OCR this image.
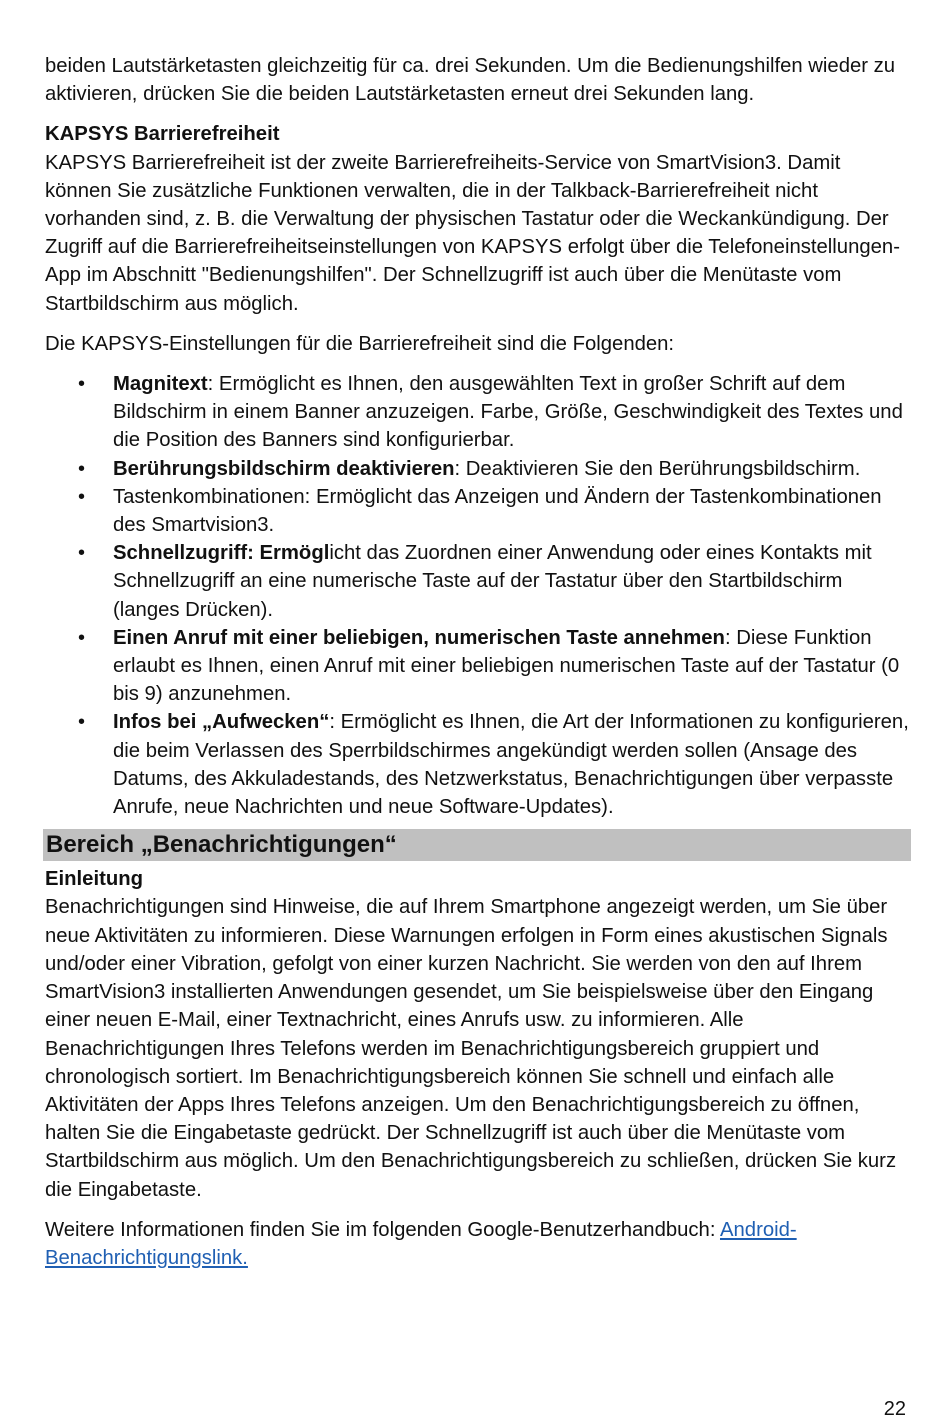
beiden Lautstärketasten gleichzeitig für ca. drei Sekunden. Um die Bedienungshilfen wieder zu aktivieren, drücken Sie die beiden Lautstärketasten erneut drei Sekunden lang.

KAPSYS Barrierefreiheit

KAPSYS Barrierefreiheit ist der zweite Barrierefreiheits-Service von SmartVision3. Damit können Sie zusätzliche Funktionen verwalten, die in der Talkback-Barrierefreiheit nicht vorhanden sind, z. B. die Verwaltung der physischen Tastatur oder die Weckankündigung. Der Zugriff auf die Barrierefreiheitseinstellungen von KAPSYS erfolgt über die Telefoneinstellungen-App im Abschnitt "Bedienungshilfen". Der Schnellzugriff ist auch über die Menütaste vom Startbildschirm aus möglich.

Die KAPSYS-Einstellungen für die Barrierefreiheit sind die Folgenden:

• Magnitext: Ermöglicht es Ihnen, den ausgewählten Text in großer Schrift auf dem Bildschirm in einem Banner anzuzeigen. Farbe, Größe, Geschwindigkeit des Textes und die Position des Banners sind konfigurierbar.
• Berührungsbildschirm deaktivieren: Deaktivieren Sie den Berührungsbildschirm.
• Tastenkombinationen: Ermöglicht das Anzeigen und Ändern der Tastenkombinationen des Smartvision3.
• Schnellzugriff: Ermöglicht das Zuordnen einer Anwendung oder eines Kontakts mit Schnellzugriff an eine numerische Taste auf der Tastatur über den Startbildschirm (langes Drücken).
• Einen Anruf mit einer beliebigen, numerischen Taste annehmen: Diese Funktion erlaubt es Ihnen, einen Anruf mit einer beliebigen numerischen Taste auf der Tastatur (0 bis 9) anzunehmen.
• Infos bei „Aufwecken“: Ermöglicht es Ihnen, die Art der Informationen zu konfigurieren, die beim Verlassen des Sperrbildschirmes angekündigt werden sollen (Ansage des Datums, des Akkuladestands, des Netzwerkstatus, Benachrichtigungen über verpasste Anrufe, neue Nachrichten und neue Software-Updates).
Bereich „Benachrichtigungen“

Einleitung

Benachrichtigungen sind Hinweise, die auf Ihrem Smartphone angezeigt werden, um Sie über neue Aktivitäten zu informieren. Diese Warnungen erfolgen in Form eines akustischen Signals und/oder einer Vibration, gefolgt von einer kurzen Nachricht. Sie werden von den auf Ihrem SmartVision3 installierten Anwendungen gesendet, um Sie beispielsweise über den Eingang einer neuen E-Mail, einer Textnachricht, eines Anrufs usw. zu informieren. Alle Benachrichtigungen Ihres Telefons werden im Benachrichtigungsbereich gruppiert und chronologisch sortiert. Im Benachrichtigungsbereich können Sie schnell und einfach alle Aktivitäten der Apps Ihres Telefons anzeigen. Um den Benachrichtigungsbereich zu öffnen, halten Sie die Eingabetaste gedrückt. Der Schnellzugriff ist auch über die Menütaste vom Startbildschirm aus möglich. Um den Benachrichtigungsbereich zu schließen, drücken Sie kurz die Eingabetaste.

Weitere Informationen finden Sie im folgenden Google-Benutzerhandbuch: Android-Benachrichtigungslink.

22
